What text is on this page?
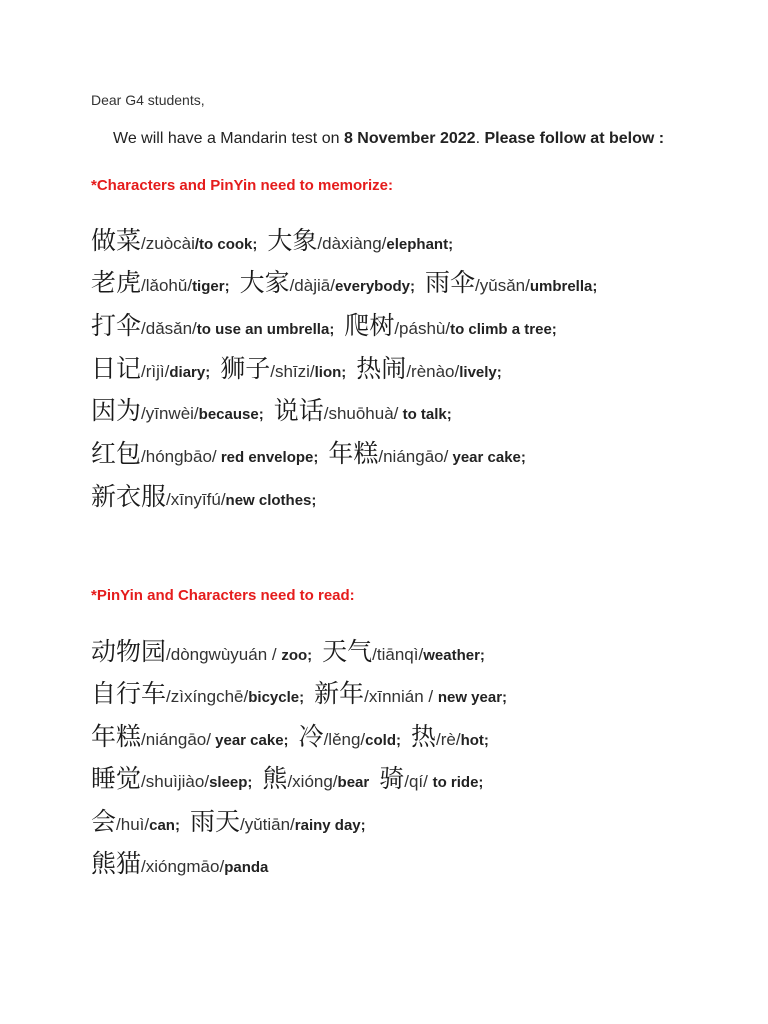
Dear G4 students,
We will have a Mandarin test on 8 November 2022. Please follow at below :
*Characters and PinYin need to memorize:
做菜/zuòcài/to cook; 大象/dàxiàng/elephant;
老虎/lǎohǔ/tiger; 大家/dàjiā/everybody; 雨伞/yǔsǎn/umbrella;
打伞/dǎsǎn/to use an umbrella; 爬树/páshù/to climb a tree;
日记/rìjì/diary; 狮子/shīzi/lion; 热闹/rènào/lively;
因为/yīnwèi/because; 说话/shuōhuà/ to talk;
红包/hóngbāo/ red envelope; 年糕/niángāo/ year cake;
新衣服/xīnyīfú/new clothes;
*PinYin and Characters need to read:
动物园/dòngwùyuán / zoo; 天气/tiānqì/weather;
自行车/zìxíngchē/bicycle; 新年/xīnnián / new year;
年糕/niángāo/ year cake; 冷/lěng/cold; 热/rè/hot;
睡觉/shuìjiào/sleep; 熊/xióng/bear 骑/qí/ to ride;
会/huì/can; 雨天/yǔtiān/rainy day;
熊猫/xióngmāo/panda
